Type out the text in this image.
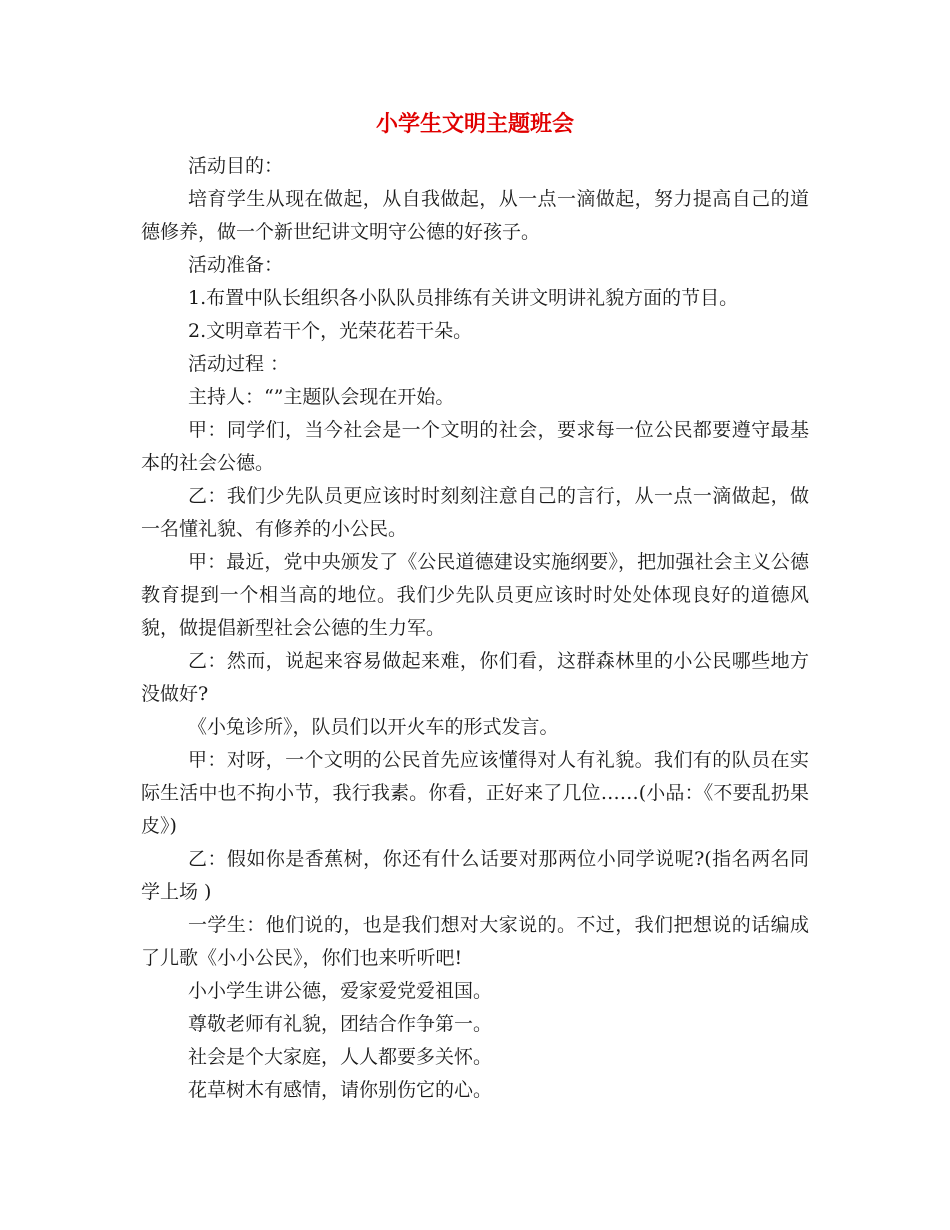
小学生文明主题班会

活动目的：

培育学生从现在做起，从自我做起，从一点一滴做起，努力提高自己的道德修养，做一个新世纪讲文明守公德的好孩子。

活动准备：

1.布置中队长组织各小队队员排练有关讲文明讲礼貌方面的节目。

2.文明章若干个，光荣花若干朵。

活动过程 ：

主持人：“”主题队会现在开始。

甲：同学们，当今社会是一个文明的社会，要求每一位公民都要遵守最基本的社会公德。

乙：我们少先队员更应该时时刻刻注意自己的言行，从一点一滴做起，做一名懂礼貌、有修养的小公民。

甲：最近，党中央颁发了《公民道德建设实施纲要》，把加强社会主义公德教育提到一个相当高的地位。我们少先队员更应该时时处处体现良好的道德风貌，做提倡新型社会公德的生力军。

乙：然而，说起来容易做起来难，你们看，这群森林里的小公民哪些地方没做好?

《小兔诊所》，队员们以开火车的形式发言。

甲：对呀，一个文明的公民首先应该懂得对人有礼貌。我们有的队员在实际生活中也不拘小节，我行我素。你看，正好来了几位……(小品：《不要乱扔果皮》)

乙：假如你是香蕉树，你还有什么话要对那两位小同学说呢?(指名两名同学上场 )

一学生：他们说的，也是我们想对大家说的。不过，我们把想说的话编成了儿歌《小小公民》，你们也来听听吧!

小小学生讲公德，爱家爱党爱祖国。

尊敬老师有礼貌，团结合作争第一。

社会是个大家庭，人人都要多关怀。

花草树木有感情，请你别伤它的心。
